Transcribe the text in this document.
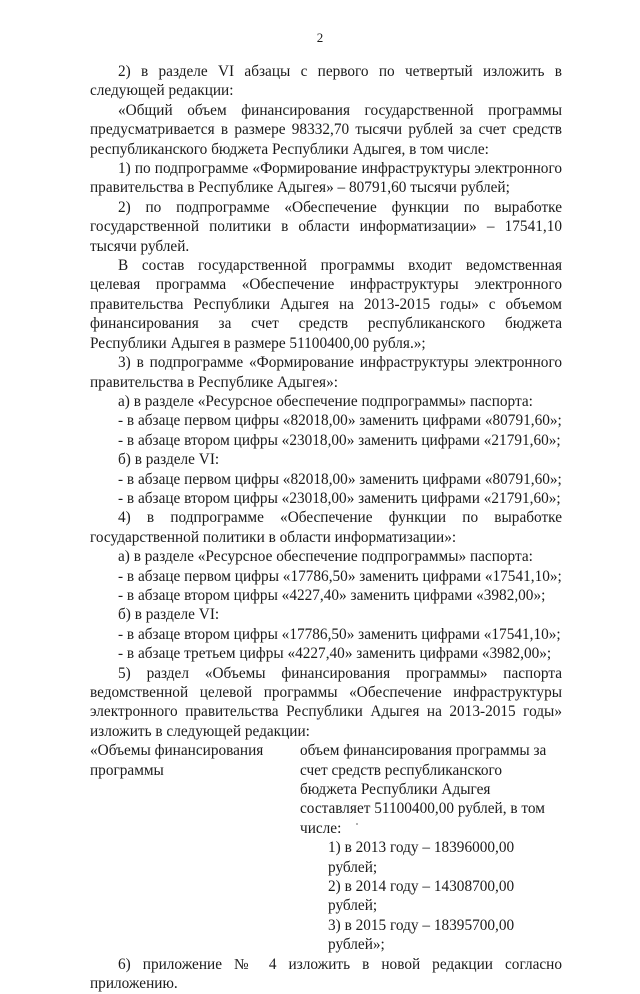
2

2) в разделе VI абзацы с первого по четвертый изложить в следующей редакции:

«Общий объем финансирования государственной программы предусматривается в размере 98332,70 тысячи рублей за счет средств республиканского бюджета Республики Адыгея, в том числе:

1) по подпрограмме «Формирование инфраструктуры электронного правительства в Республике Адыгея» – 80791,60 тысячи рублей;

2) по подпрограмме «Обеспечение функции по выработке государственной политики в области информатизации» – 17541,10 тысячи рублей.

В состав государственной программы входит ведомственная целевая программа «Обеспечение инфраструктуры электронного правительства Республики Адыгея на 2013-2015 годы» с объемом финансирования за счет средств республиканского бюджета Республики Адыгея в размере 51100400,00 рубля.»;

3) в подпрограмме «Формирование инфраструктуры электронного правительства в Республике Адыгея»:

а) в разделе «Ресурсное обеспечение подпрограммы» паспорта:

- в абзаце первом цифры «82018,00» заменить цифрами «80791,60»;

- в абзаце втором цифры «23018,00» заменить цифрами «21791,60»;

б) в разделе VI:

- в абзаце первом цифры «82018,00» заменить цифрами «80791,60»;

- в абзаце втором цифры «23018,00» заменить цифрами «21791,60»;

4) в подпрограмме «Обеспечение функции по выработке государственной политики в области информатизации»:

а) в разделе «Ресурсное обеспечение подпрограммы» паспорта:

- в абзаце первом цифры «17786,50» заменить цифрами «17541,10»;

- в абзаце втором цифры «4227,40» заменить цифрами «3982,00»;

б) в разделе VI:

- в абзаце втором цифры «17786,50» заменить цифрами «17541,10»;

- в абзаце третьем цифры «4227,40» заменить цифрами «3982,00»;

5) раздел «Объемы финансирования программы» паспорта ведомственной целевой программы «Обеспечение инфраструктуры электронного правительства Республики Адыгея на 2013-2015 годы» изложить в следующей редакции:

«Объемы финансирования программы
объем финансирования программы за счет средств республиканского бюджета Республики Адыгея составляет 51100400,00 рублей, в том числе:
1) в 2013 году – 18396000,00 рублей;
2) в 2014 году – 14308700,00 рублей;
3) в 2015 году – 18395700,00 рублей»;

6) приложение № 4 изложить в новой редакции согласно приложению.
